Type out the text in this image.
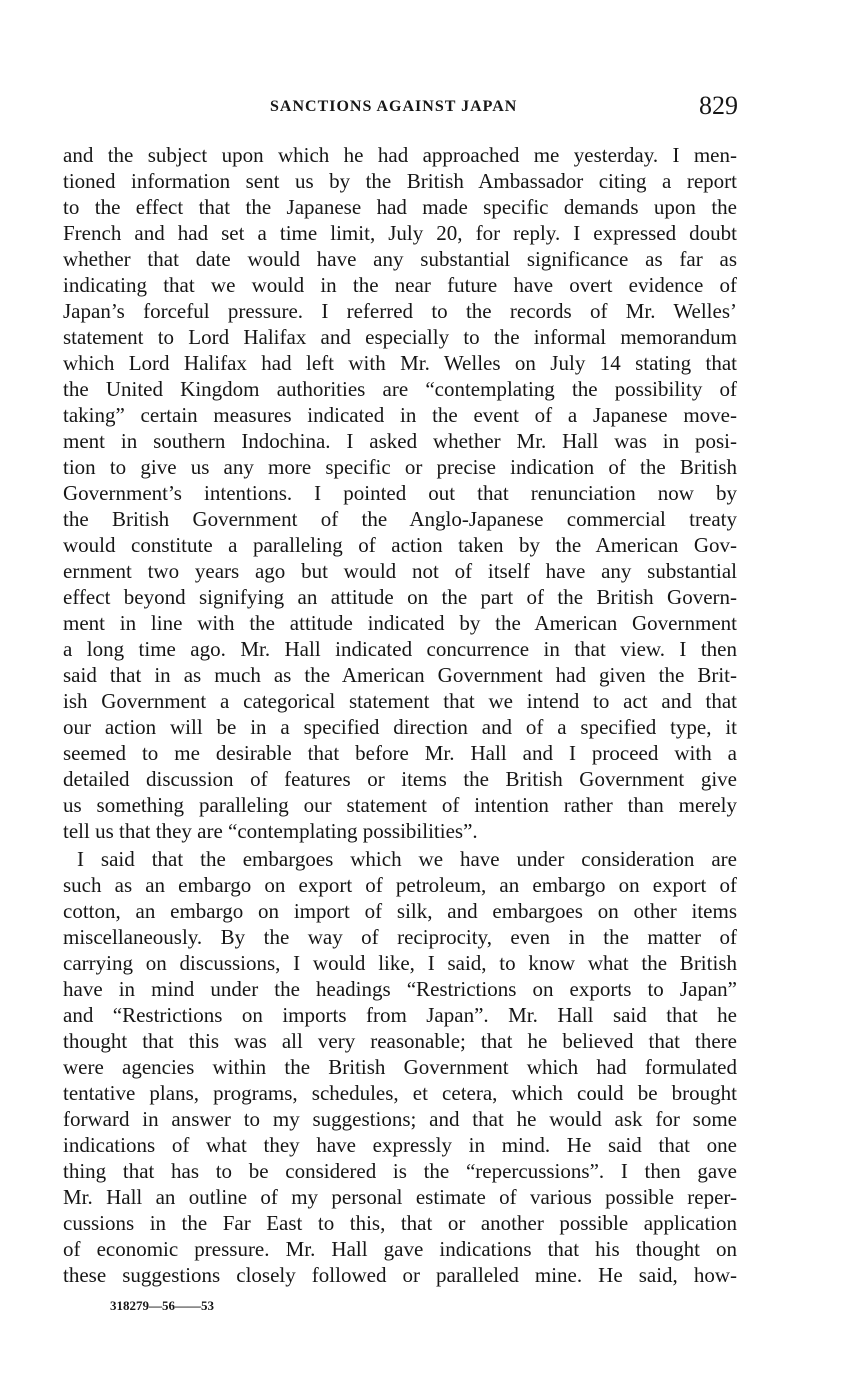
SANCTIONS AGAINST JAPAN	829
and the subject upon which he had approached me yesterday. I men-
tioned information sent us by the British Ambassador citing a report
to the effect that the Japanese had made specific demands upon the
French and had set a time limit, July 20, for reply. I expressed doubt
whether that date would have any substantial significance as far as
indicating that we would in the near future have overt evidence of
Japan’s forceful pressure. I referred to the records of Mr. Welles’
statement to Lord Halifax and especially to the informal memorandum
which Lord Halifax had left with Mr. Welles on July 14 stating that
the United Kingdom authorities are “contemplating the possibility of
taking” certain measures indicated in the event of a Japanese move-
ment in southern Indochina. I asked whether Mr. Hall was in posi-
tion to give us any more specific or precise indication of the British
Government’s intentions. I pointed out that renunciation now by
the British Government of the Anglo-Japanese commercial treaty
would constitute a paralleling of action taken by the American Gov-
ernment two years ago but would not of itself have any substantial
effect beyond signifying an attitude on the part of the British Govern-
ment in line with the attitude indicated by the American Government
a long time ago. Mr. Hall indicated concurrence in that view. I then
said that in as much as the American Government had given the Brit-
ish Government a categorical statement that we intend to act and that
our action will be in a specified direction and of a specified type, it
seemed to me desirable that before Mr. Hall and I proceed with a
detailed discussion of features or items the British Government give
us something paralleling our statement of intention rather than merely
tell us that they are “contemplating possibilities”.
I said that the embargoes which we have under consideration are
such as an embargo on export of petroleum, an embargo on export of
cotton, an embargo on import of silk, and embargoes on other items
miscellaneously. By the way of reciprocity, even in the matter of
carrying on discussions, I would like, I said, to know what the British
have in mind under the headings “Restrictions on exports to Japan”
and “Restrictions on imports from Japan”. Mr. Hall said that he
thought that this was all very reasonable; that he believed that there
were agencies within the British Government which had formulated
tentative plans, programs, schedules, et cetera, which could be brought
forward in answer to my suggestions; and that he would ask for some
indications of what they have expressly in mind. He said that one
thing that has to be considered is the “repercussions”. I then gave
Mr. Hall an outline of my personal estimate of various possible reper-
cussions in the Far East to this, that or another possible application
of economic pressure. Mr. Hall gave indications that his thought on
these suggestions closely followed or paralleled mine. He said, how-
318279—56——53
